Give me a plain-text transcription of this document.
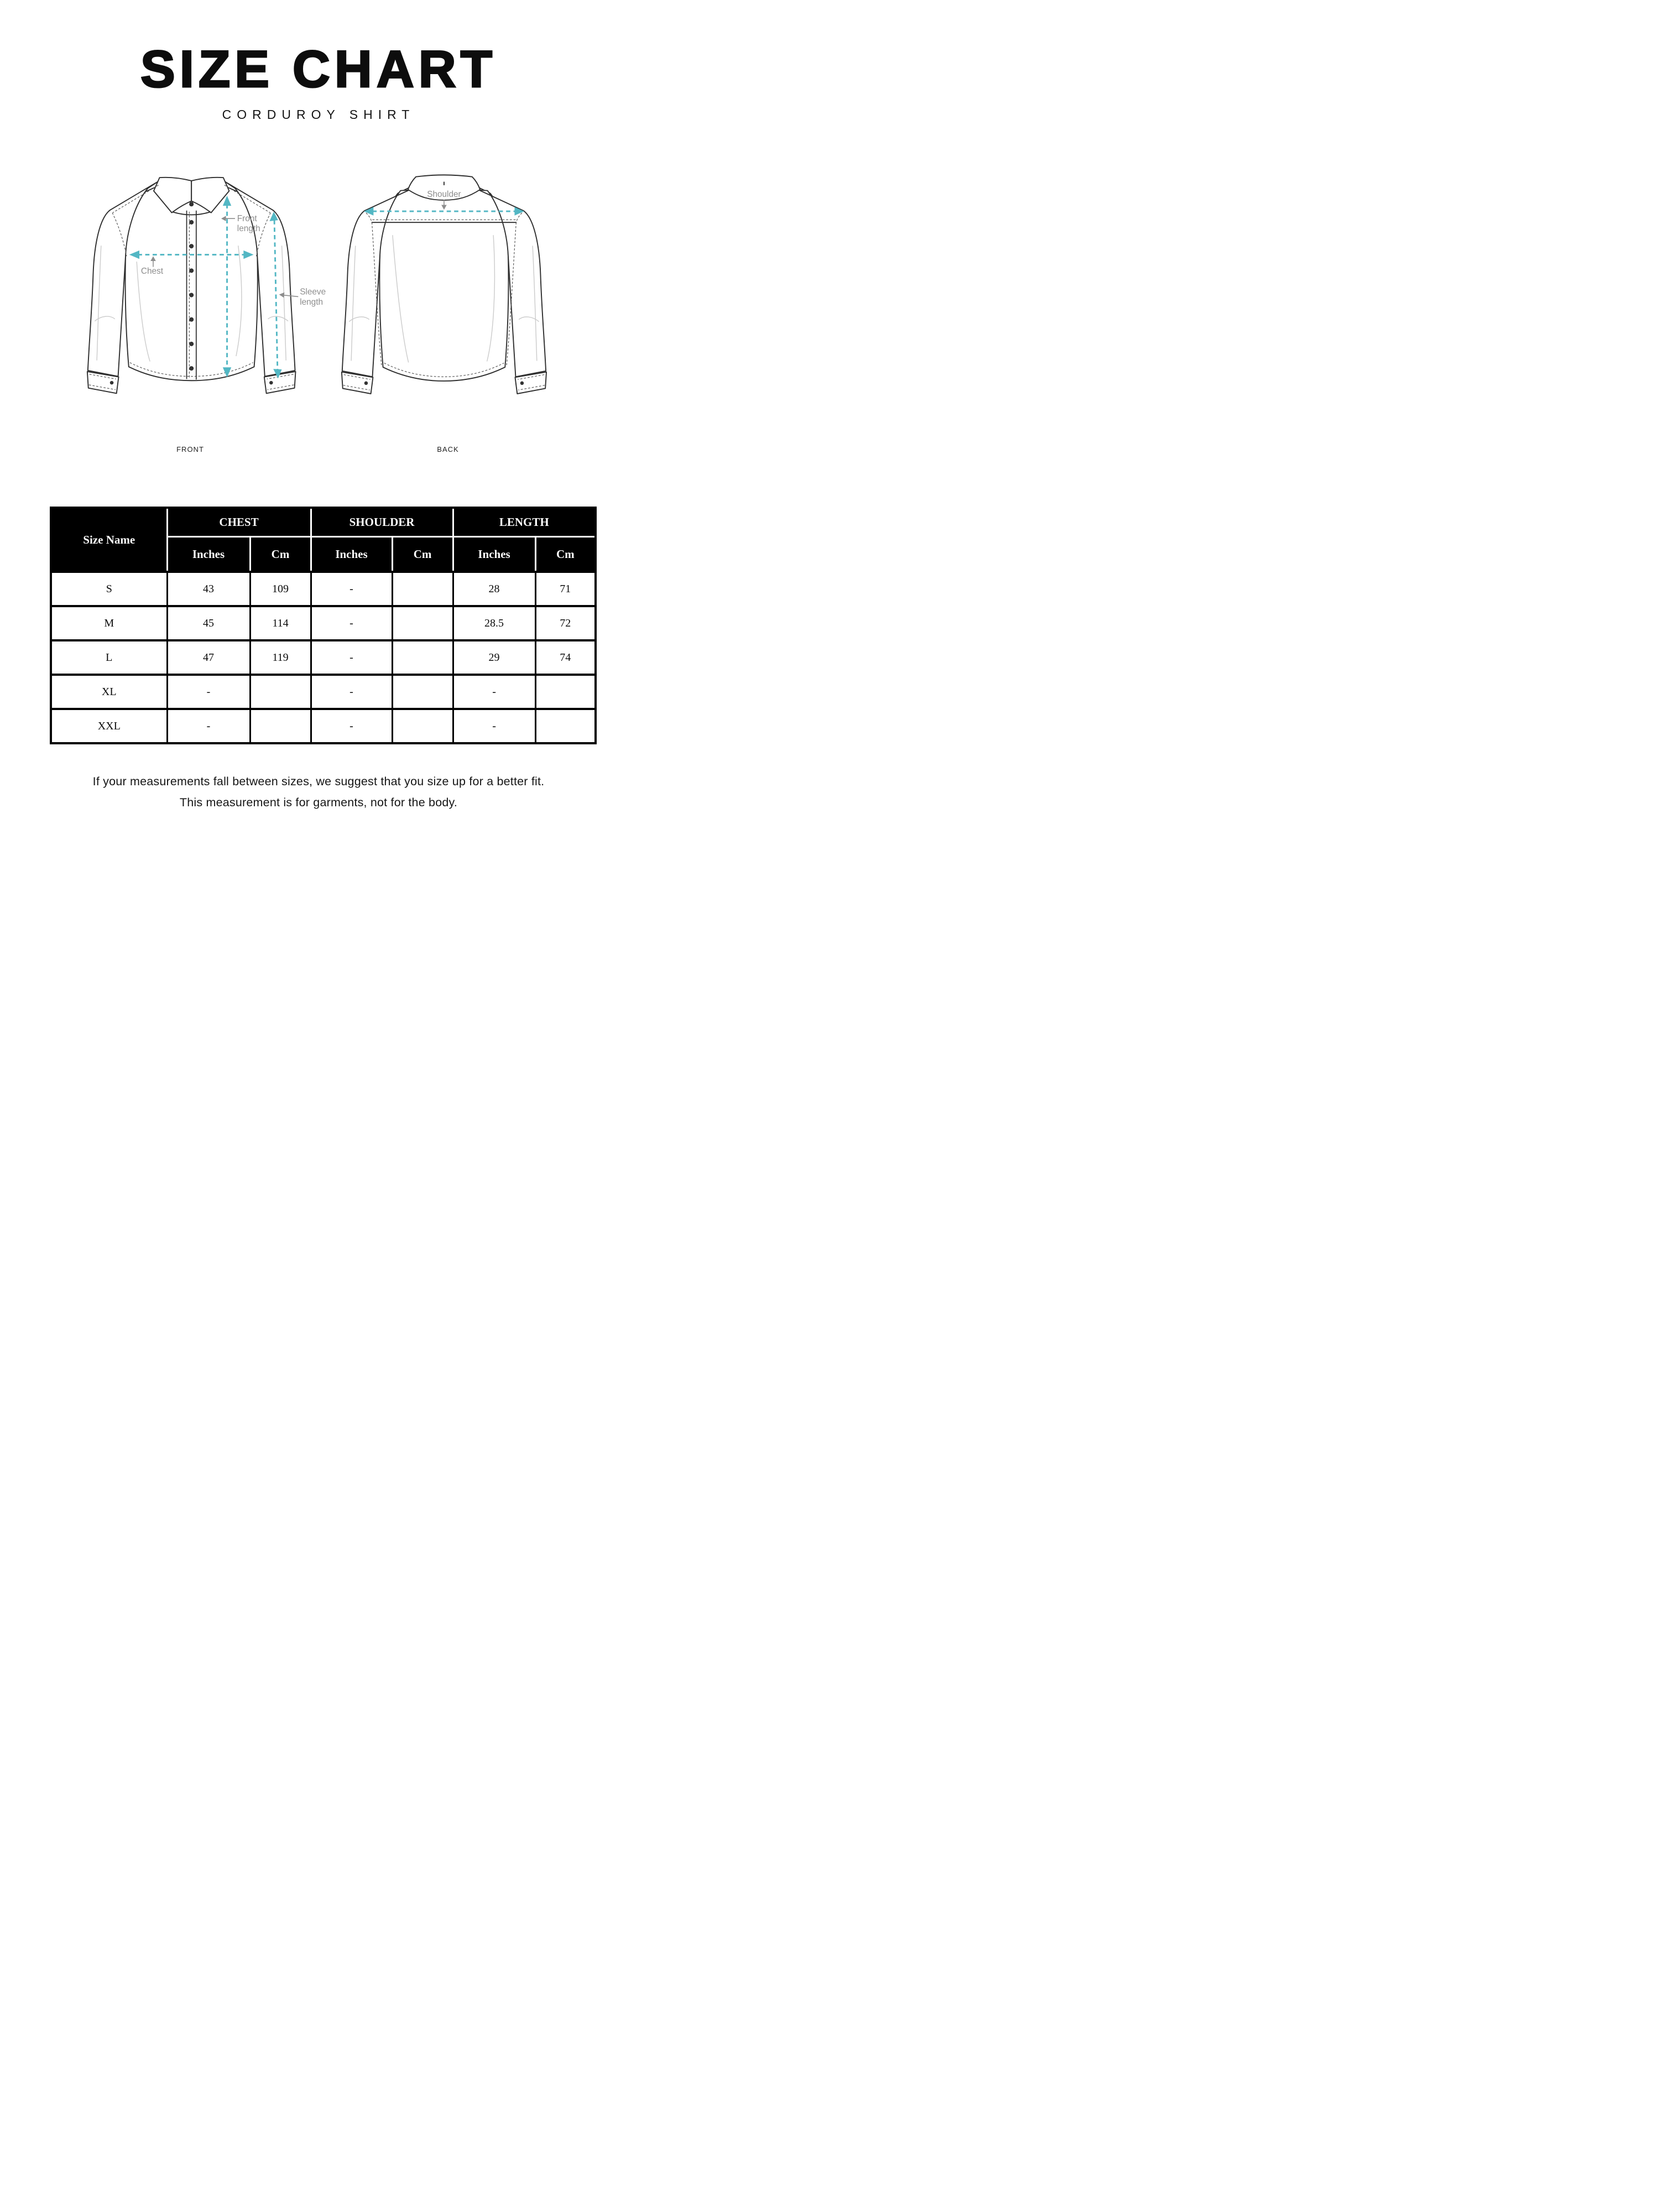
SIZE CHART
CORDUROY SHIRT
Front
length
Chest
Sleeve
length
Shoulder
FRONT	BACK
Size Name	CHEST		SHOULDER		LENGTH	
	Inches	Cm	Inches	Cm	Inches	Cm
S	43	109	-		28	71
M	45	114	-		28.5	72
L	47	119	-		29	74
XL	-		-		-	
XXL	-		-		-	

If your measurements fall between sizes, we suggest that you size up for a better fit.

This measurement is for garments, not for the body.
